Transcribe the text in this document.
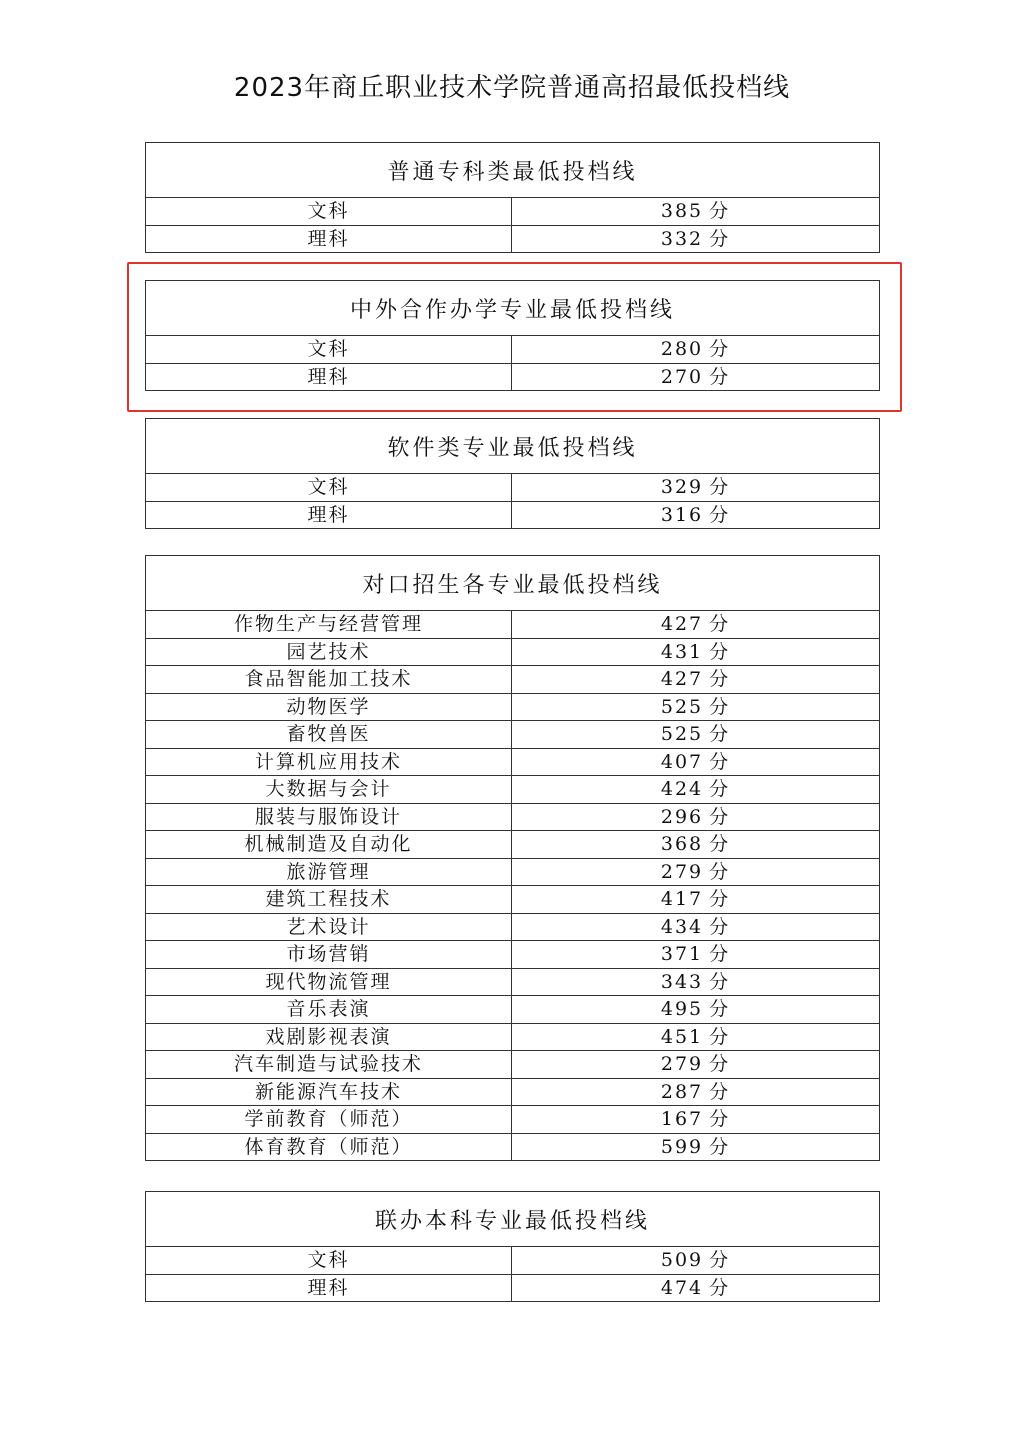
2023年商丘职业技术学院普通高招最低投档线
普通专科类最低投档线	
文科	385 分
理科	332 分
中外合作办学专业最低投档线	
文科	280 分
理科	270 分
软件类专业最低投档线	
文科	329 分
理科	316 分
对口招生各专业最低投档线	
作物生产与经营管理	427 分
园艺技术	431 分
食品智能加工技术	427 分
动物医学	525 分
畜牧兽医	525 分
计算机应用技术	407 分
大数据与会计	424 分
服装与服饰设计	296 分
机械制造及自动化	368 分
旅游管理	279 分
建筑工程技术	417 分
艺术设计	434 分
市场营销	371 分
现代物流管理	343 分
音乐表演	495 分
戏剧影视表演	451 分
汽车制造与试验技术	279 分
新能源汽车技术	287 分
学前教育（师范）	167 分
体育教育（师范）	599 分
联办本科专业最低投档线	
文科	509 分
理科	474 分
